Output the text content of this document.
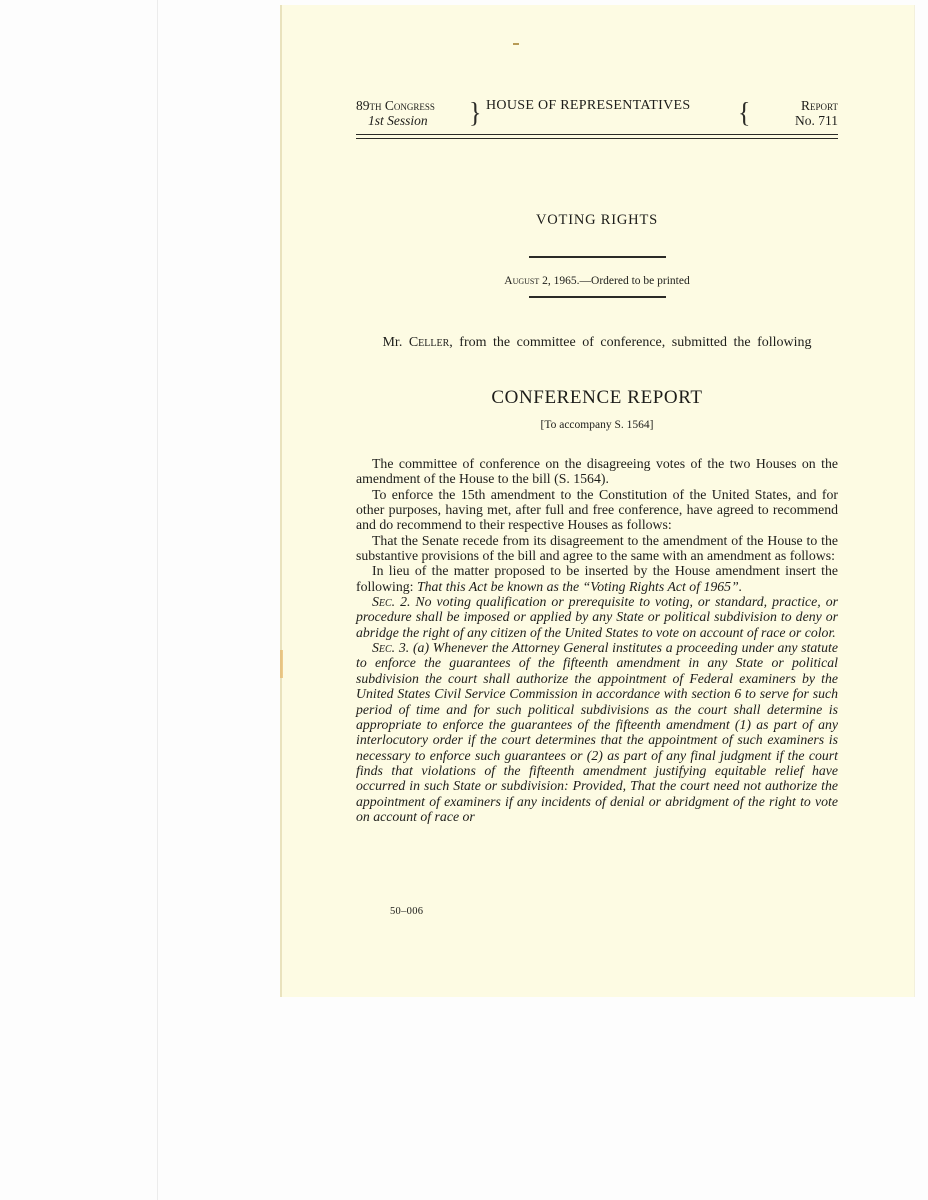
89th Congress
1st Session	} HOUSE OF REPRESENTATIVES {	Report
No. 711
VOTING RIGHTS
August 2, 1965.—Ordered to be printed
Mr. Celler, from the committee of conference, submitted the following
CONFERENCE REPORT
[To accompany S. 1564]

The committee of conference on the disagreeing votes of the two Houses on the amendment of the House to the bill (S. 1564).

To enforce the 15th amendment to the Constitution of the United States, and for other purposes, having met, after full and free conference, have agreed to recommend and do recommend to their respective Houses as follows:

That the Senate recede from its disagreement to the amendment of the House to the substantive provisions of the bill and agree to the same with an amendment as follows:

In lieu of the matter proposed to be inserted by the House amendment insert the following: That this Act be known as the “Voting Rights Act of 1965”.

Sec. 2. No voting qualification or prerequisite to voting, or standard, practice, or procedure shall be imposed or applied by any State or political subdivision to deny or abridge the right of any citizen of the United States to vote on account of race or color.

Sec. 3. (a) Whenever the Attorney General institutes a proceeding under any statute to enforce the guarantees of the fifteenth amendment in any State or political subdivision the court shall authorize the appointment of Federal examiners by the United States Civil Service Commission in accordance with section 6 to serve for such period of time and for such political subdivisions as the court shall determine is appropriate to enforce the guarantees of the fifteenth amendment (1) as part of any interlocutory order if the court determines that the appointment of such examiners is necessary to enforce such guarantees or (2) as part of any final judgment if the court finds that violations of the fifteenth amendment justifying equitable relief have occurred in such State or subdivision: Provided, That the court need not authorize the appointment of examiners if any incidents of denial or abridgment of the right to vote on account of race or

50–006
